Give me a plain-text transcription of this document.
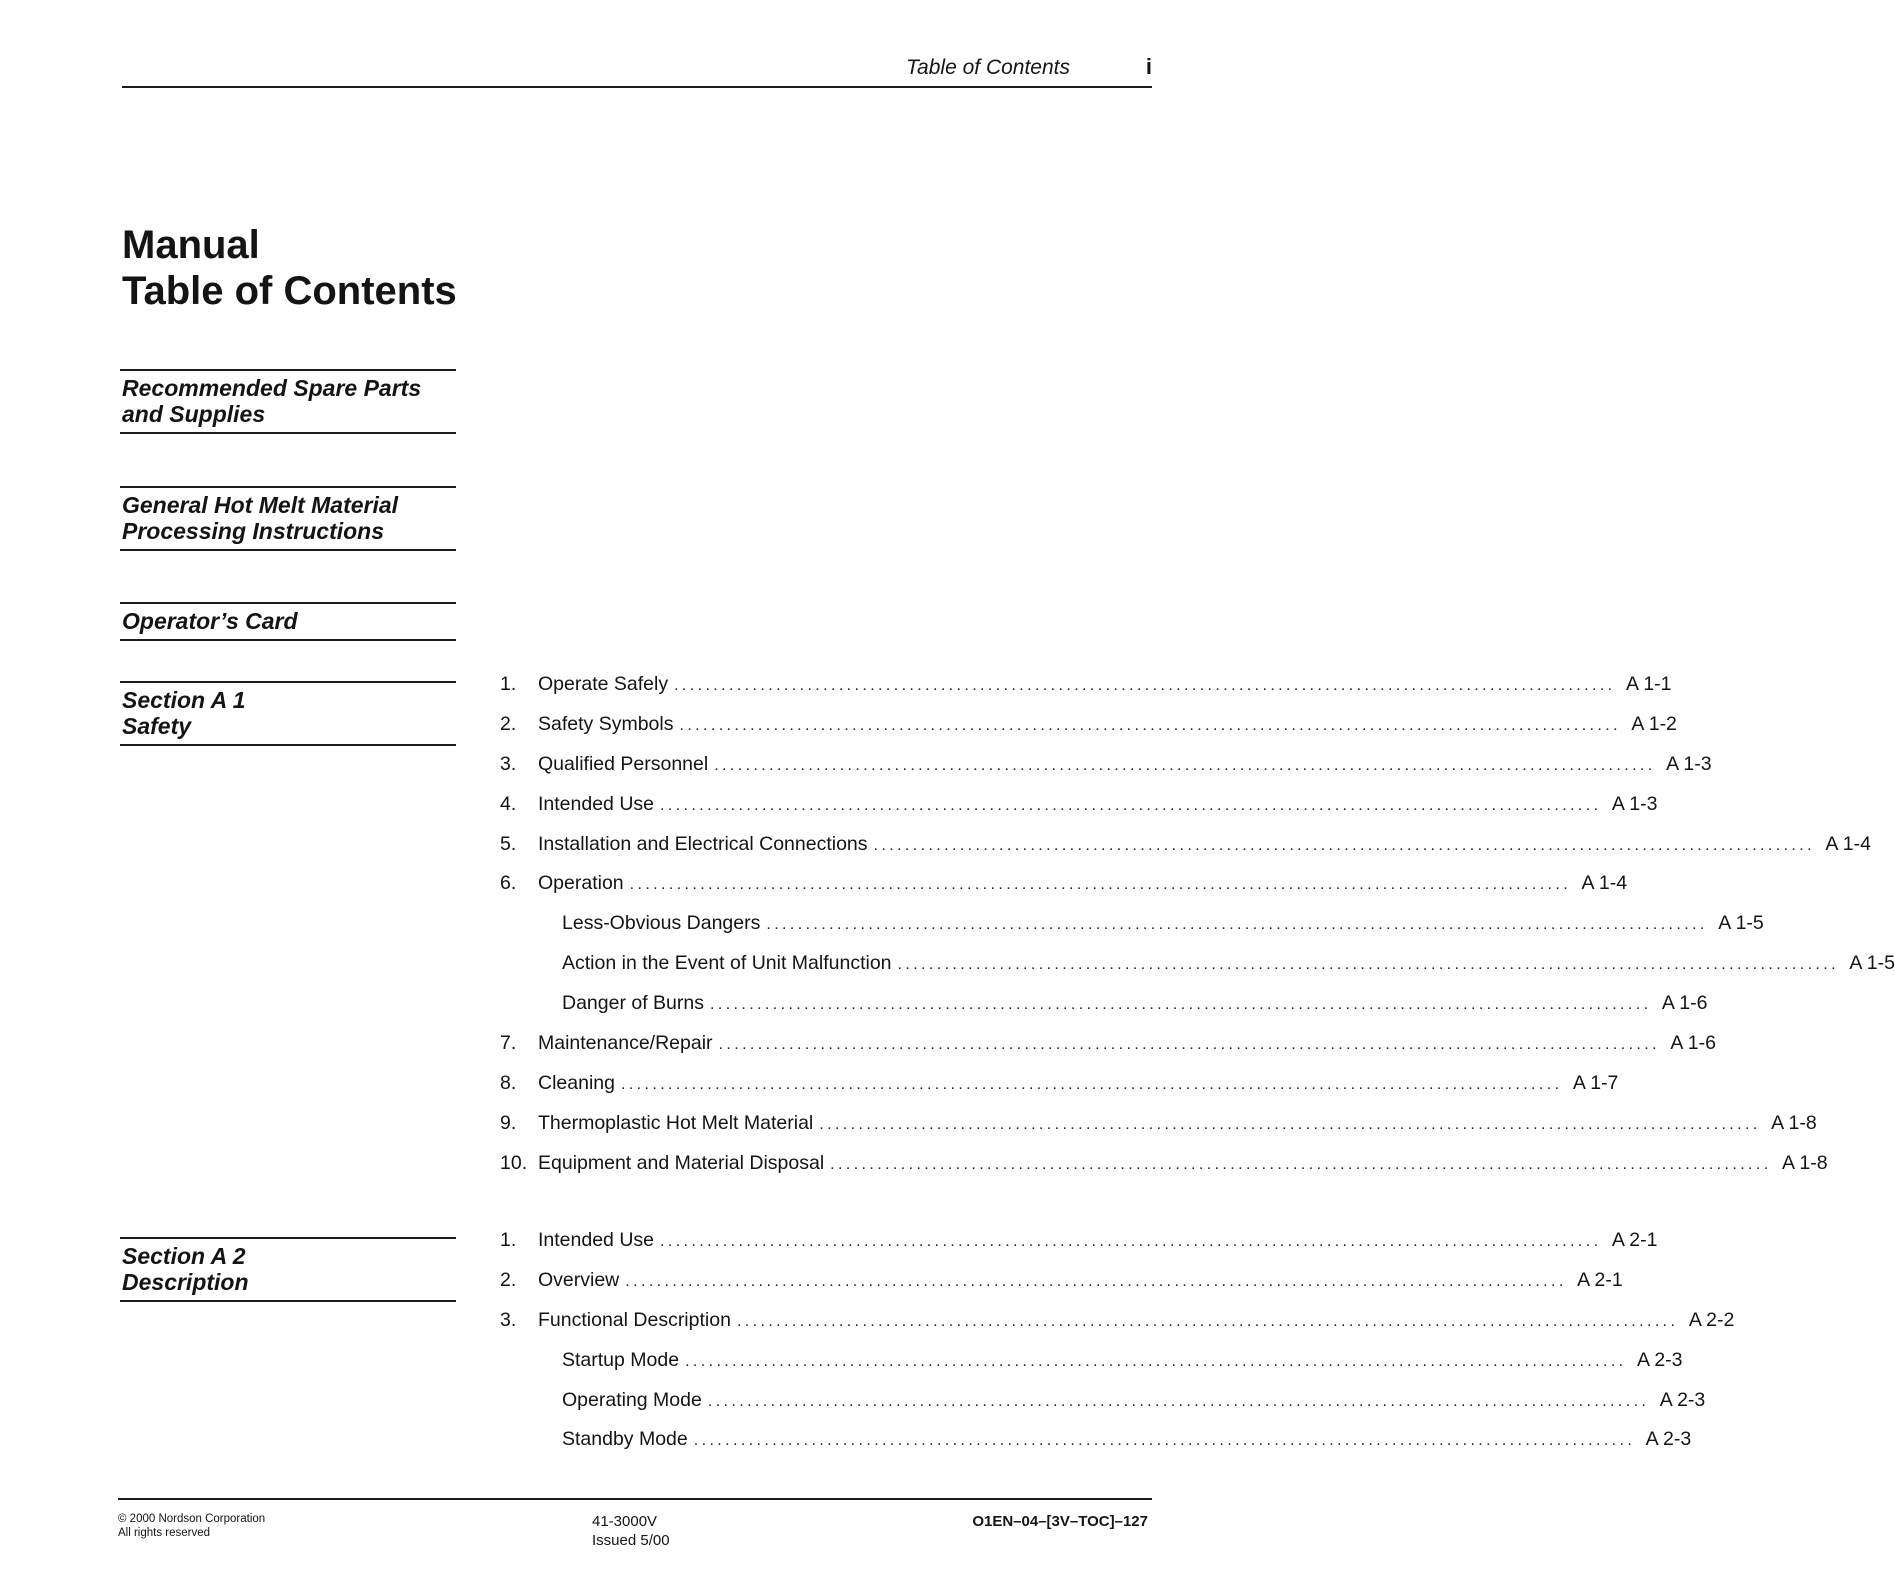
Table of Contents	i
Manual
Table of Contents
Recommended Spare Parts
and Supplies
General Hot Melt Material
Processing Instructions
Operator’s Card
Section A 1
Safety
1.	Operate Safely ........................................................................................................................ A 1-1
2.	Safety Symbols ........................................................................................................................ A 1-2
3.	Qualified Personnel ........................................................................................................................ A 1-3
4.	Intended Use ........................................................................................................................ A 1-3
5.	Installation and Electrical Connections ........................................................................................................................ A 1-4
6.	Operation ........................................................................................................................ A 1-4
Less-Obvious Dangers ........................................................................................................................ A 1-5
Action in the Event of Unit Malfunction ........................................................................................................................ A 1-5
Danger of Burns ........................................................................................................................ A 1-6
7.	Maintenance/Repair ........................................................................................................................ A 1-6
8.	Cleaning ........................................................................................................................ A 1-7
9.	Thermoplastic Hot Melt Material ........................................................................................................................ A 1-8
10. Equipment and Material Disposal ........................................................................................................................ A 1-8
Section A 2
Description
1.	Intended Use ........................................................................................................................ A 2-1
2.	Overview ........................................................................................................................ A 2-1
3.	Functional Description ........................................................................................................................ A 2-2
Startup Mode ........................................................................................................................ A 2-3
Operating Mode ........................................................................................................................ A 2-3
Standby Mode ........................................................................................................................ A 2-3
© 2000 Nordson Corporation
All rights reserved
41-3000V
Issued 5/00
O1EN–04–[3V–TOC]–127
